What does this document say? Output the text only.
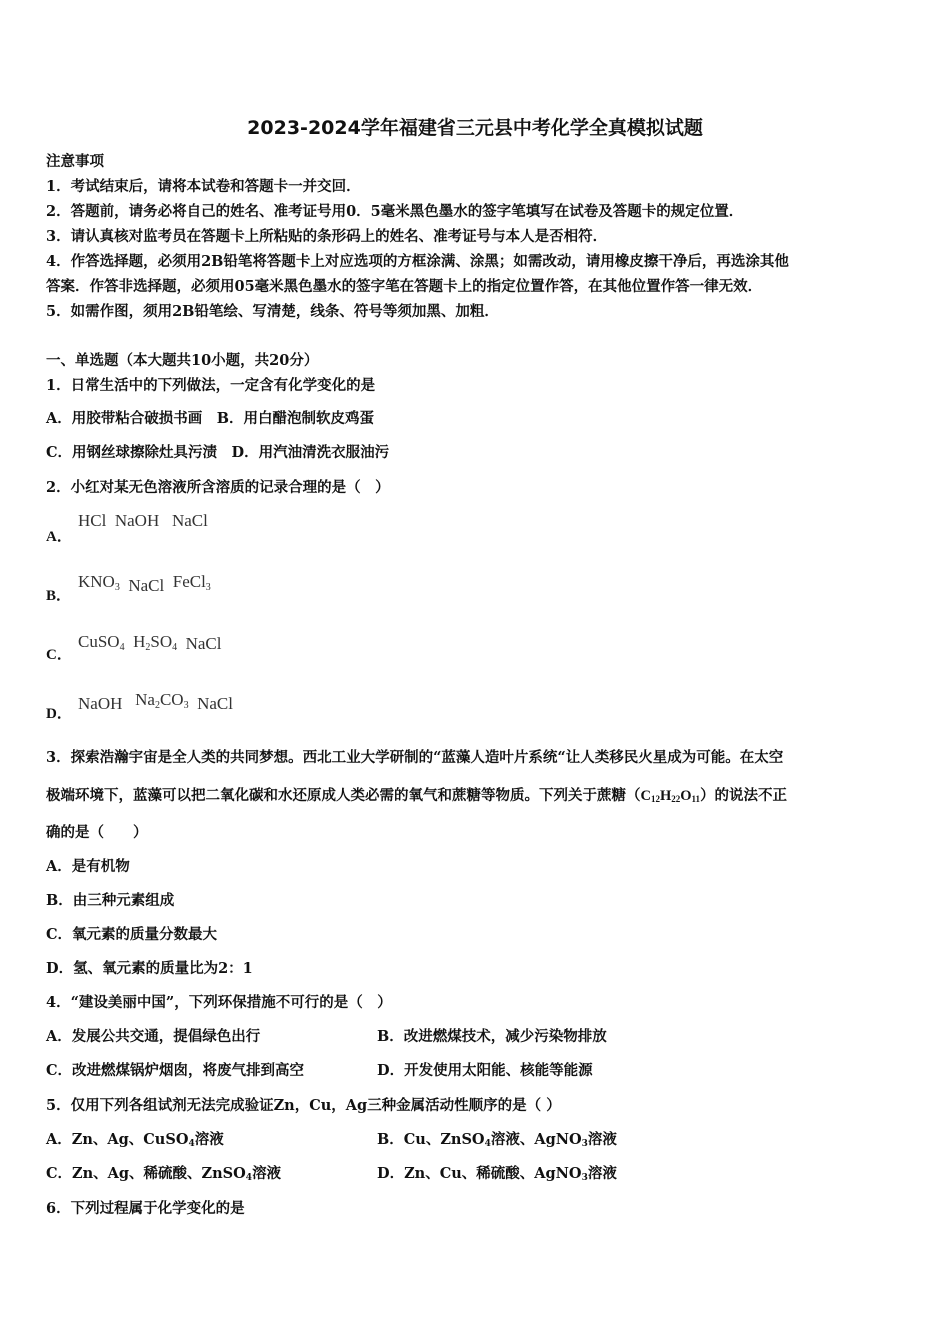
2023-2024学年福建省三元县中考化学全真模拟试题
注意事项
1．考试结束后，请将本试卷和答题卡一并交回．
2．答题前，请务必将自己的姓名、准考证号用0．5毫米黑色墨水的签字笔填写在试卷及答题卡的规定位置．
3．请认真核对监考员在答题卡上所粘贴的条形码上的姓名、准考证号与本人是否相符．
4．作答选择题，必须用2B铅笔将答题卡上对应选项的方框涂满、涂黑；如需改动，请用橡皮擦干净后，再选涂其他
答案．作答非选择题，必须用05毫米黑色墨水的签字笔在答题卡上的指定位置作答，在其他位置作答一律无效．
5．如需作图，须用2B铅笔绘、写清楚，线条、符号等须加黑、加粗．
一、单选题（本大题共10小题，共20分）
1．日常生活中的下列做法，一定含有化学变化的是
A．用胶带粘合破损书画　B．用白醋泡制软皮鸡蛋
C．用钢丝球擦除灶具污渍　D．用汽油清洗衣服油污
2．小红对某无色溶液所含溶质的记录合理的是（　）
A．
HCl NaOH NaCl
B．
$KNO_3$ NaCl FeCl$_3$
C．
CuSO$_4$ $H_2SO_4$ NaCl
D．
NaOH $Na_2CO_3$ NaCl
3．探索浩瀚宇宙是全人类的共同梦想。西北工业大学研制的“蓝藻人造叶片系统“让人类移民火星成为可能。在太空
极端环境下，蓝藻可以把二氧化碳和水还原成人类必需的氧气和蔗糖等物质。下列关于蔗糖$(C_{12}H_{22}O_{11})$的说法不正
确的是（　　）
A．是有机物
B．由三种元素组成
C．氧元素的质量分数最大
D．氢、氧元素的质量比为2：1
4．“建设美丽中国”，下列环保措施不可行的是（　）
A．发展公共交通，提倡绿色出行	B．改进燃煤技术，减少污染物排放
C．改进燃煤锅炉烟囱，将废气排到高空	D．开发使用太阳能、核能等能源
5．仅用下列各组试剂无法完成验证Zn，Cu，Ag三种金属活动性顺序的是（ ）
A．Zn、Ag、CuSO$_4$溶液	B．Cu、ZnSO$_4$溶液、AgNO$_3$溶液
C．Zn、Ag、稀硫酸、ZnSO$_4$溶液	D．Zn、Cu、稀硫酸、AgNO$_3$溶液
6．下列过程属于化学变化的是
